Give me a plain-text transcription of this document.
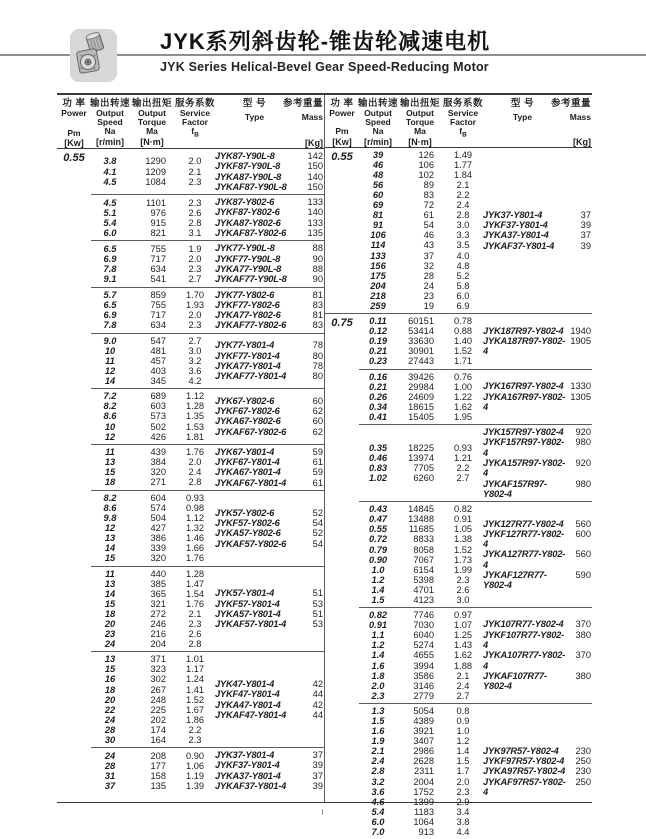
JYK系列斜齿轮-锥齿轮减速电机
JYK Series Helical-Bevel Gear Speed-Reducing Motor
功 率
Power
Pm
[Kw]
输出转速
Output
Speed
Na
[r/min]
输出扭矩
Output
Torque
Ma
[N·m]
服务系数
Service
Factor
$f_B$
型 号
Type
参考重量
Mass
[Kg]
0.55	3.8	1290	2.0
4.1	1209	2.1
4.5	1084	2.3
JYK87-Y90L-8	142
JYKF87-Y90L-8	150
JYKA87-Y90L-8	140
JYKAF87-Y90L-8	150
4.5	1101	2.3
5.1	976	2.6
5.4	915	2.8
6.0	821	3.1
JYK87-Y802-6	133
JYKF87-Y802-6	140
JYKA87-Y802-6	133
JYKAF87-Y802-6	135
6.5	755	1.9
6.9	717	2.0
7.8	634	2.3
9.1	541	2.7
JYK77-Y90L-8	88
JYKF77-Y90L-8	90
JYKA77-Y90L-8	88
JYKAF77-Y90L-8	90
5.7	859	1.70
6.5	755	1.93
6.9	717	2.0
7.8	634	2.3
JYK77-Y802-6	81
JYKF77-Y802-6	83
JYKA77-Y802-6	81
JYKAF77-Y802-6	83
9.0	547	2.7
10	481	3.0
11	457	3.2
12	403	3.6
14	345	4.2
JYK77-Y801-4	78
JYKF77-Y801-4	80
JYKA77-Y801-4	78
JYKAF77-Y801-4	80
7.2	689	1.12
8.2	603	1.28
8.6	573	1.35
10	502	1.53
12	426	1.81
JYK67-Y802-6	60
JYKF67-Y802-6	62
JYKA67-Y802-6	60
JYKAF67-Y802-6	62
11	439	1.76
13	384	2.0
15	320	2.4
18	271	2.8
JYK67-Y801-4	59
JYKF67-Y801-4	61
JYKA67-Y801-4	59
JYKAF67-Y801-4	61
8.2	604	0.93
8.6	574	0.98
9.8	504	1.12
12	427	1.32
13	386	1.46
14	339	1.66
15	320	1.76
JYK57-Y802-6	52
JYKF57-Y802-6	54
JYKA57-Y802-6	52
JYKAF57-Y802-6	54
11	440	1.28
13	385	1.47
14	365	1.54
15	321	1.76
18	272	2.1
20	246	2.3
23	216	2.6
24	204	2.8
JYK57-Y801-4	51
JYKF57-Y801-4	53
JYKA57-Y801-4	51
JYKAF57-Y801-4	53
13	371	1.01
15	323	1.17
16	302	1.24
18	267	1.41
20	248	1.52
22	225	1.67
24	202	1.86
28	174	2.2
30	164	2.3
JYK47-Y801-4	42
JYKF47-Y801-4	44
JYKA47-Y801-4	42
JYKAF47-Y801-4	44
24	208	0.90
28	177	1.06
31	158	1.19
37	135	1.39
JYK37-Y801-4	37
JYKF37-Y801-4	39
JYKA37-Y801-4	37
JYKAF37-Y801-4	39
功 率
Power
Pm
[Kw]
输出转速
Output
Speed
Na
[r/min]
输出扭矩
Output
Torque
Ma
[N·m]
服务系数
Service
Factor
$f_B$
型 号
Type
参考重量
Mass
[Kg]
0.55	39	126	1.49
46	106	1.77
48	102	1.84
56	89	2.1
60	83	2.2
69	72	2.4
81	61	2.8
91	54	3.0
106	46	3.3
114	43	3.5
133	37	4.0
156	32	4.8
175	28	5.2
204	24	5.8
218	23	6.0
259	19	6.9
JYK37-Y801-4	37
JYKF37-Y801-4	39
JYKA37-Y801-4	37
JYKAF37-Y801-4	39
0.75	0.11	60151	0.78
0.12	53414	0.88
0.19	33630	1.40
0.21	30901	1.52
0.23	27443	1.71
JYK187R97-Y802-4 1940
JYKA187R97-Y802-4
1905
0.16	39426	0.76
0.21	29984	1.00
0.26	24609	1.22
0.34	18615	1.62
0.41	15405	1.95
JYK167R97-Y802-4 1330
JYKA167R97-Y802-4
1305
0.35	18225	0.93
0.46	13974	1.21
0.83	7705	2.2
1.02	6260	2.7
JYK157R97-Y802-4	920
JYKF157R97-Y802-4
980
JYKA157R97-Y802-4
920
JYKAF157R97-Y802-4
980
0.43	14845	0.82
0.47	13488	0.91
0.55	11685	1.05
0.72	8833	1.38
0.79	8058	1.52
0.90	7067	1.73
1.0	6154	1.99
1.2	5398	2.3
1.4	4701	2.6
1.5	4123	3.0
JYK127R77-Y802-4	560
JYKF127R77-Y802-4
600
JYKA127R77-Y802-4
560
JYKAF127R77-Y802-4
590
0.82	7746	0.97
0.91	7030	1.07
1.1	6040	1.25
1.2	5274	1.43
1.4	4655	1.62
1.6	3994	1.88
1.8	3586	2.1
2.0	3146	2.4
2.3	2779	2.7
JYK107R77-Y802-4	370
JYKF107R77-Y802-4
380
JYKA107R77-Y802-4
370
JYKAF107R77-Y802-4
380
1.3	5054	0.8
1.5	4389	0.9
1.6	3921	1.0
1.9	3407	1.2
2.1	2986	1.4
2.4	2628	1.5
2.8	2311	1.7
3.2	2004	2.0
3.6	1752	2.3
4.6	1399	2.9
5.4	1183	3.4
6.0	1064	3.8
7.0	913	4.4
JYK97R57-Y802-4	230
JYKF97R57-Y802-4	250
JYKA97R57-Y802-4	230
JYKAF97R57-Y802-4
250
